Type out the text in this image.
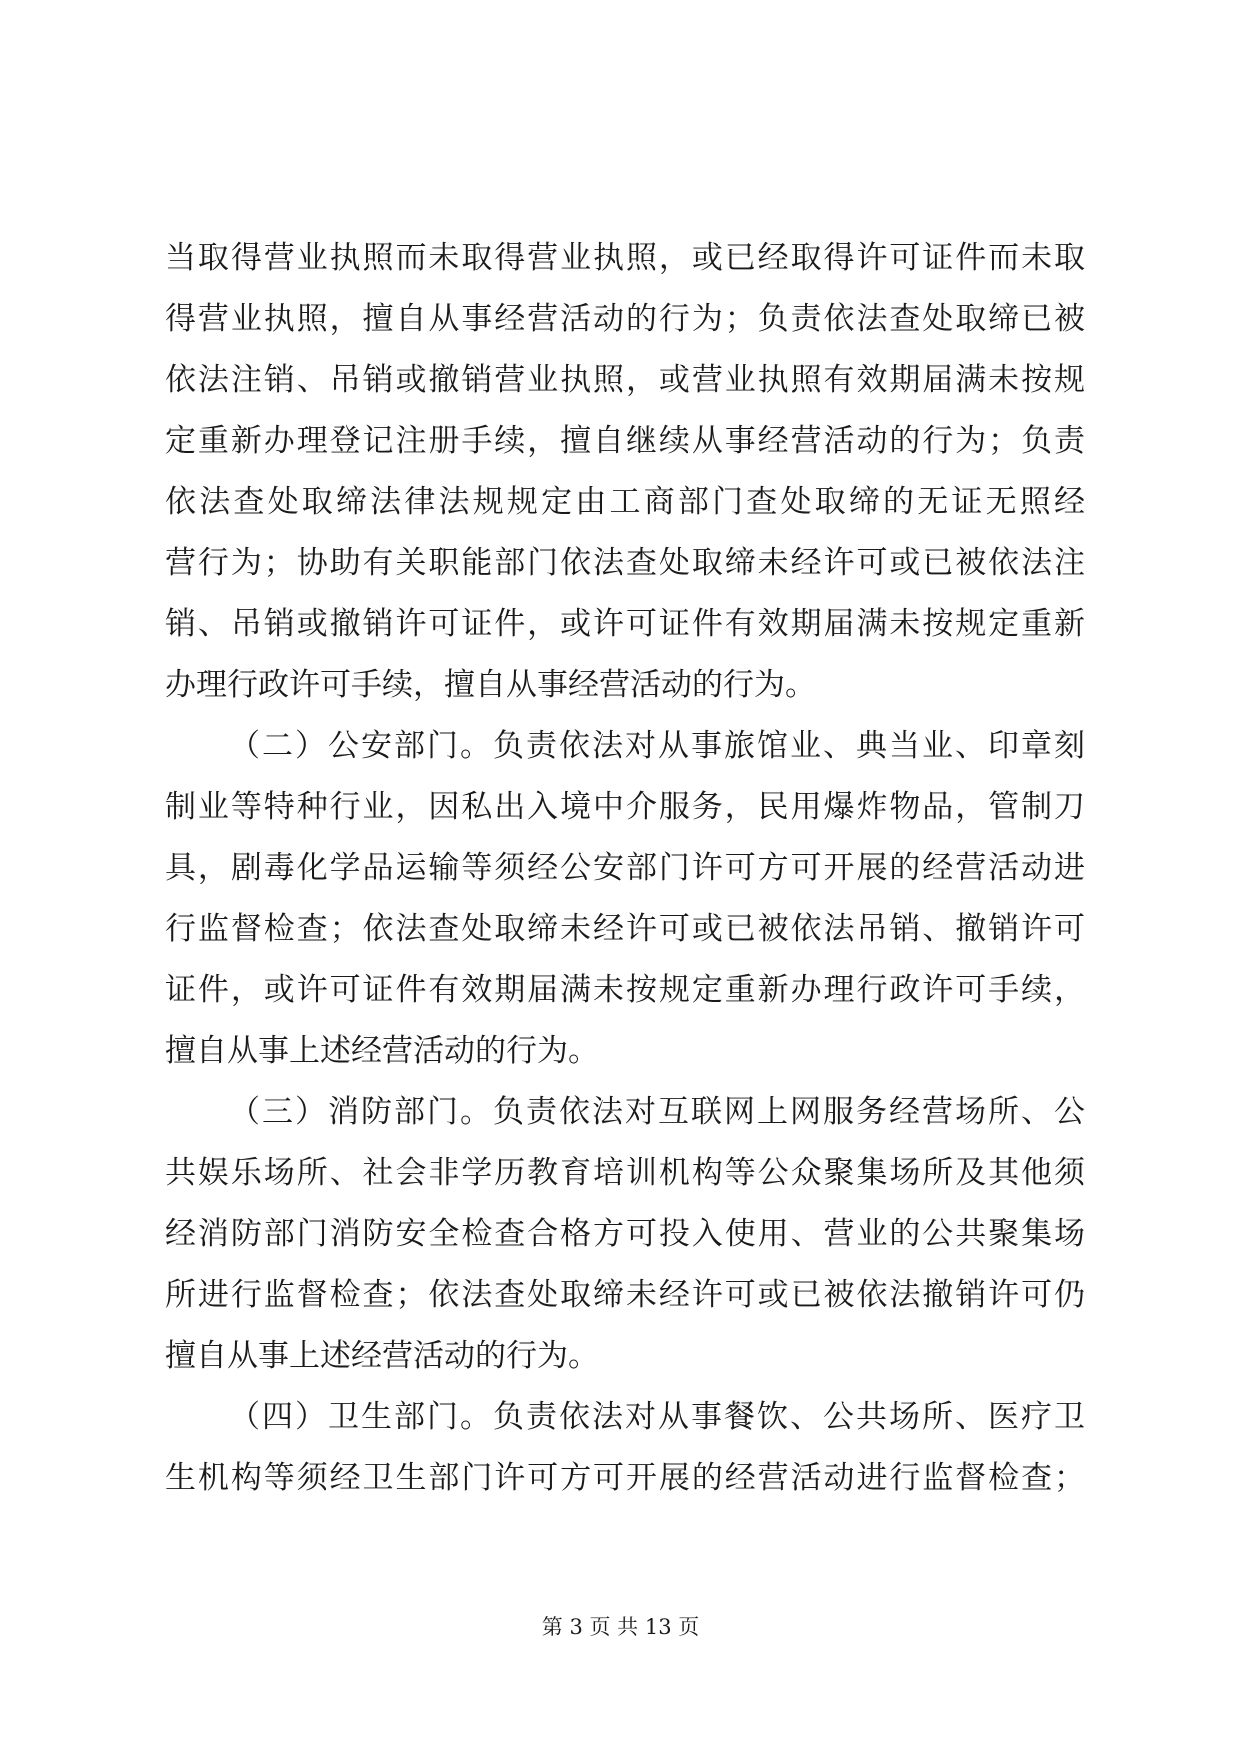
当取得营业执照而未取得营业执照，或已经取得许可证件而未取
得营业执照，擅自从事经营活动的行为；负责依法查处取缔已被
依法注销、吊销或撤销营业执照，或营业执照有效期届满未按规
定重新办理登记注册手续，擅自继续从事经营活动的行为；负责
依法查处取缔法律法规规定由工商部门查处取缔的无证无照经
营行为；协助有关职能部门依法查处取缔未经许可或已被依法注
销、吊销或撤销许可证件，或许可证件有效期届满未按规定重新
办理行政许可手续，擅自从事经营活动的行为。
（二）公安部门。负责依法对从事旅馆业、典当业、印章刻
制业等特种行业，因私出入境中介服务，民用爆炸物品，管制刀
具，剧毒化学品运输等须经公安部门许可方可开展的经营活动进
行监督检查；依法查处取缔未经许可或已被依法吊销、撤销许可
证件，或许可证件有效期届满未按规定重新办理行政许可手续，
擅自从事上述经营活动的行为。
（三）消防部门。负责依法对互联网上网服务经营场所、公
共娱乐场所、社会非学历教育培训机构等公众聚集场所及其他须
经消防部门消防安全检查合格方可投入使用、营业的公共聚集场
所进行监督检查；依法查处取缔未经许可或已被依法撤销许可仍
擅自从事上述经营活动的行为。
（四）卫生部门。负责依法对从事餐饮、公共场所、医疗卫
生机构等须经卫生部门许可方可开展的经营活动进行监督检查；
第 3 页 共 13 页
